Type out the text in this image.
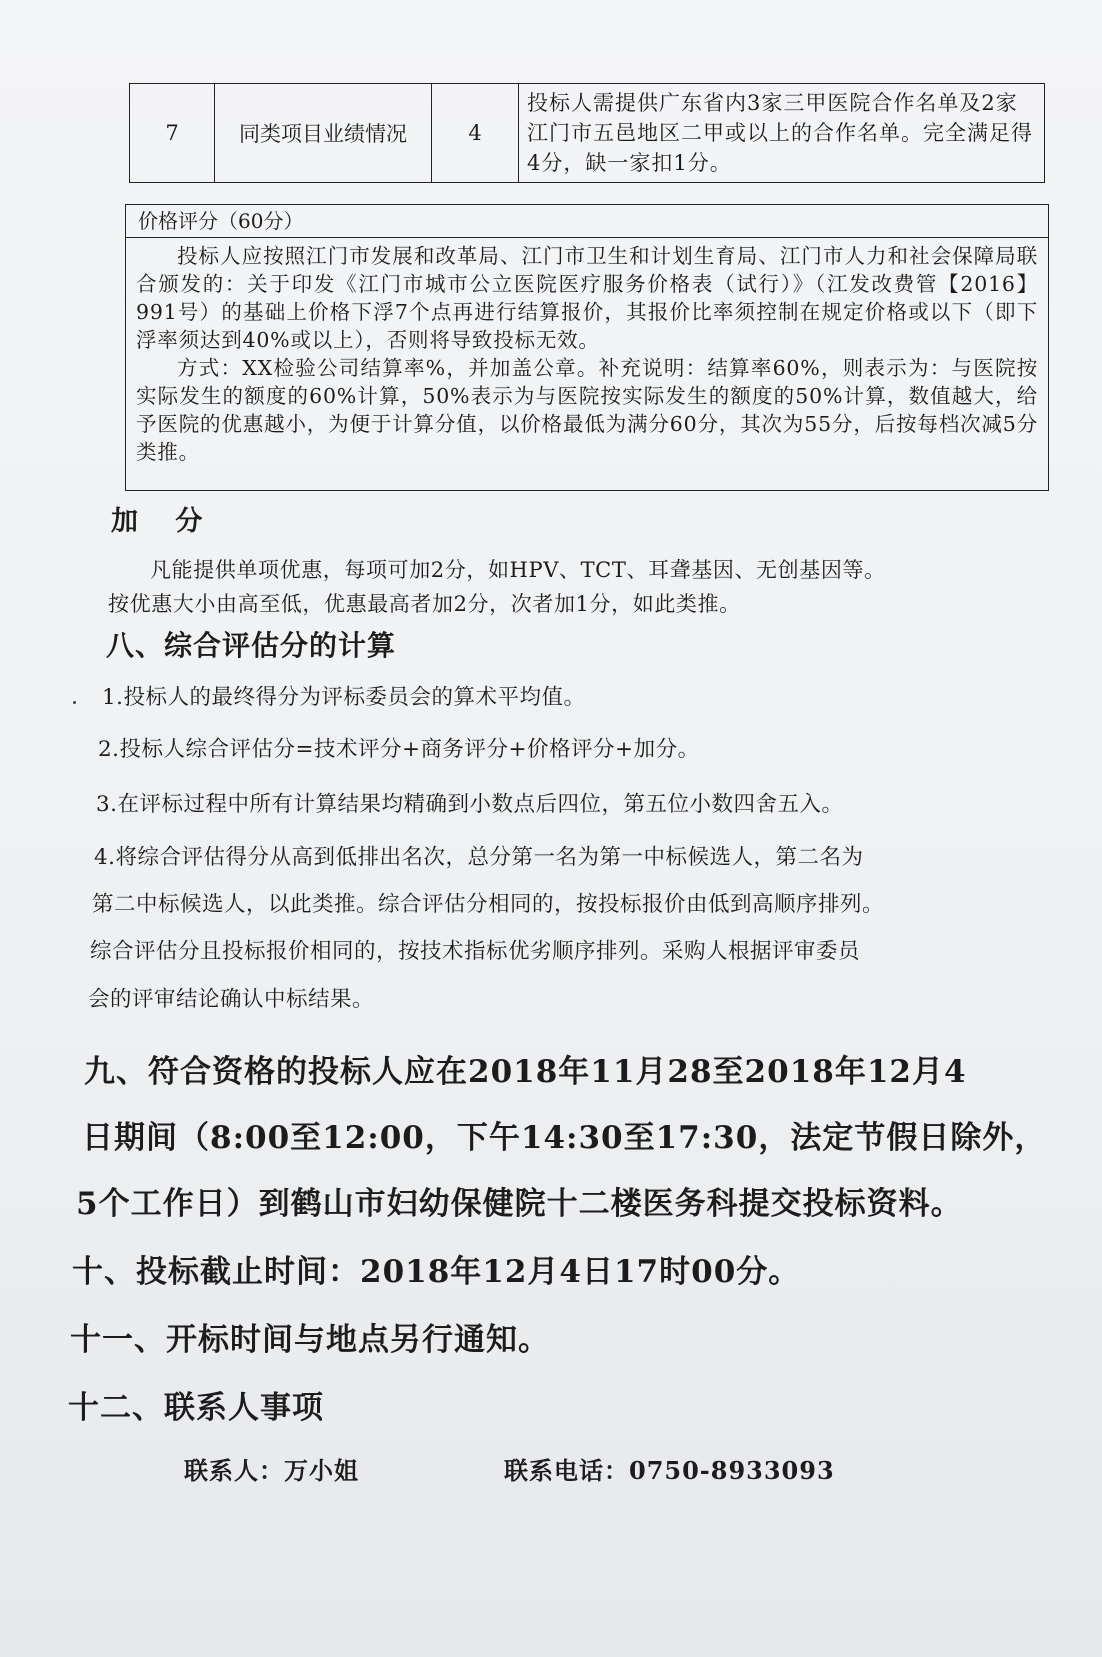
7	同类项目业绩情况	4	投标人需提供广东省内3家三甲医院合作名单及2家江门市五邑地区二甲或以上的合作名单。完全满足得4分，缺一家扣1分。
价格评分（60分）

投标人应按照江门市发展和改革局、江门市卫生和计划生育局、江门市人力和社会保障局联合颁发的：关于印发《江门市城市公立医院医疗服务价格表（试行）》（江发改费管【2016】991号）的基础上价格下浮7个点再进行结算报价，其报价比率须控制在规定价格或以下（即下浮率须达到40%或以上），否则将导致投标无效。

方式：XX检验公司结算率%，并加盖公章。补充说明：结算率60%，则表示为：与医院按实际发生的额度的60%计算，50%表示为与医院按实际发生的额度的50%计算，数值越大，给予医院的优惠越小，为便于计算分值，以价格最低为满分60分，其次为55分，后按每档次减5分类推。

加 分

凡能提供单项优惠，每项可加2分，如HPV、TCT、耳聋基因、无创基因等。

按优惠大小由高至低，优惠最高者加2分，次者加1分，如此类推。

八、综合评估分的计算
1.投标人的最终得分为评标委员会的算术平均值。
2.投标人综合评估分=技术评分+商务评分+价格评分+加分。
3.在评标过程中所有计算结果均精确到小数点后四位，第五位小数四舍五入。
4.将综合评估得分从高到低排出名次，总分第一名为第一中标候选人，第二名为
第二中标候选人，以此类推。综合评估分相同的，按投标报价由低到高顺序排列。
综合评估分且投标报价相同的，按技术指标优劣顺序排列。采购人根据评审委员
会的评审结论确认中标结果。
九、符合资格的投标人应在2018年11月28至2018年12月4
日期间（8:00至12:00，下午14:30至17:30，法定节假日除外，
5个工作日）到鹤山市妇幼保健院十二楼医务科提交投标资料。
十、投标截止时间：2018年12月4日17时00分。
十一、开标时间与地点另行通知。
十二、联系人事项
联系人：万小姐	联系电话：0750-8933093
